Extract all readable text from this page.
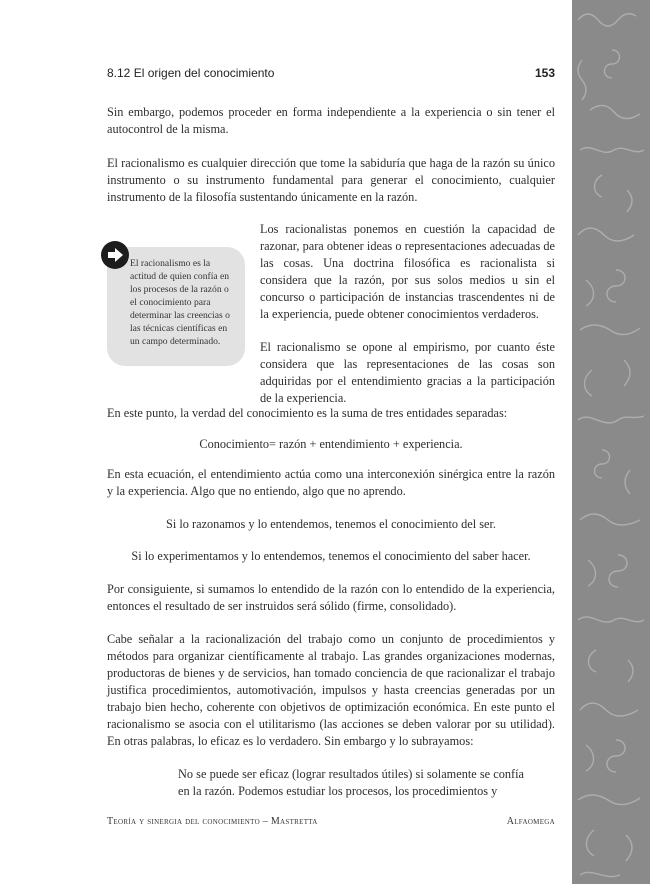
8.12 El origen del conocimiento	153

Sin embargo, podemos proceder en forma independiente a la experiencia o sin tener el autocontrol de la misma.

El racionalismo es cualquier dirección que tome la sabiduría que haga de la razón su único instrumento o su instrumento fundamental para generar el conocimiento, cualquier instrumento de la filosofía sustentando únicamente en la razón.

El racionalismo es la actitud de quien confía en los procesos de la razón o el conocimiento para determinar las creencias o las técnicas científicas en un campo determinado.

Los racionalistas ponemos en cuestión la capacidad de razonar, para obtener ideas o representaciones adecuadas de las cosas. Una doctrina filosófica es racionalista si considera que la razón, por sus solos medios u sin el concurso o participación de instancias trascendentes ni de la experiencia, puede obtener conocimientos verdaderos.

El racionalismo se opone al empirismo, por cuanto éste considera que las representaciones de las cosas son adquiridas por el entendimiento gracias a la participación de la experiencia.

En este punto, la verdad del conocimiento es la suma de tres entidades separadas:

Conocimiento= razón + entendimiento + experiencia.

En esta ecuación, el entendimiento actúa como una interconexión sinérgica entre la razón y la experiencia. Algo que no entiendo, algo que no aprendo.

Si lo razonamos y lo entendemos, tenemos el conocimiento del ser.

Si lo experimentamos y lo entendemos, tenemos el conocimiento del saber hacer.

Por consiguiente, si sumamos lo entendido de la razón con lo entendido de la experiencia, entonces el resultado de ser instruidos será sólido (firme, consolidado).

Cabe señalar a la racionalización del trabajo como un conjunto de procedimientos y métodos para organizar científicamente al trabajo. Las grandes organizaciones modernas, productoras de bienes y de servicios, han tomado conciencia de que racionalizar el trabajo justifica procedimientos, automotivación, impulsos y hasta creencias generadas por un trabajo bien hecho, coherente con objetivos de optimización económica. En este punto el racionalismo se asocia con el utilitarismo (las acciones se deben valorar por su utilidad). En otras palabras, lo eficaz es lo verdadero. Sin embargo y lo subrayamos:

No se puede ser eficaz (lograr resultados útiles) si solamente se confía en la razón. Podemos estudiar los procesos, los procedimientos y

Teoría y sinergia del conocimiento – Mastretta	Alfaomega
